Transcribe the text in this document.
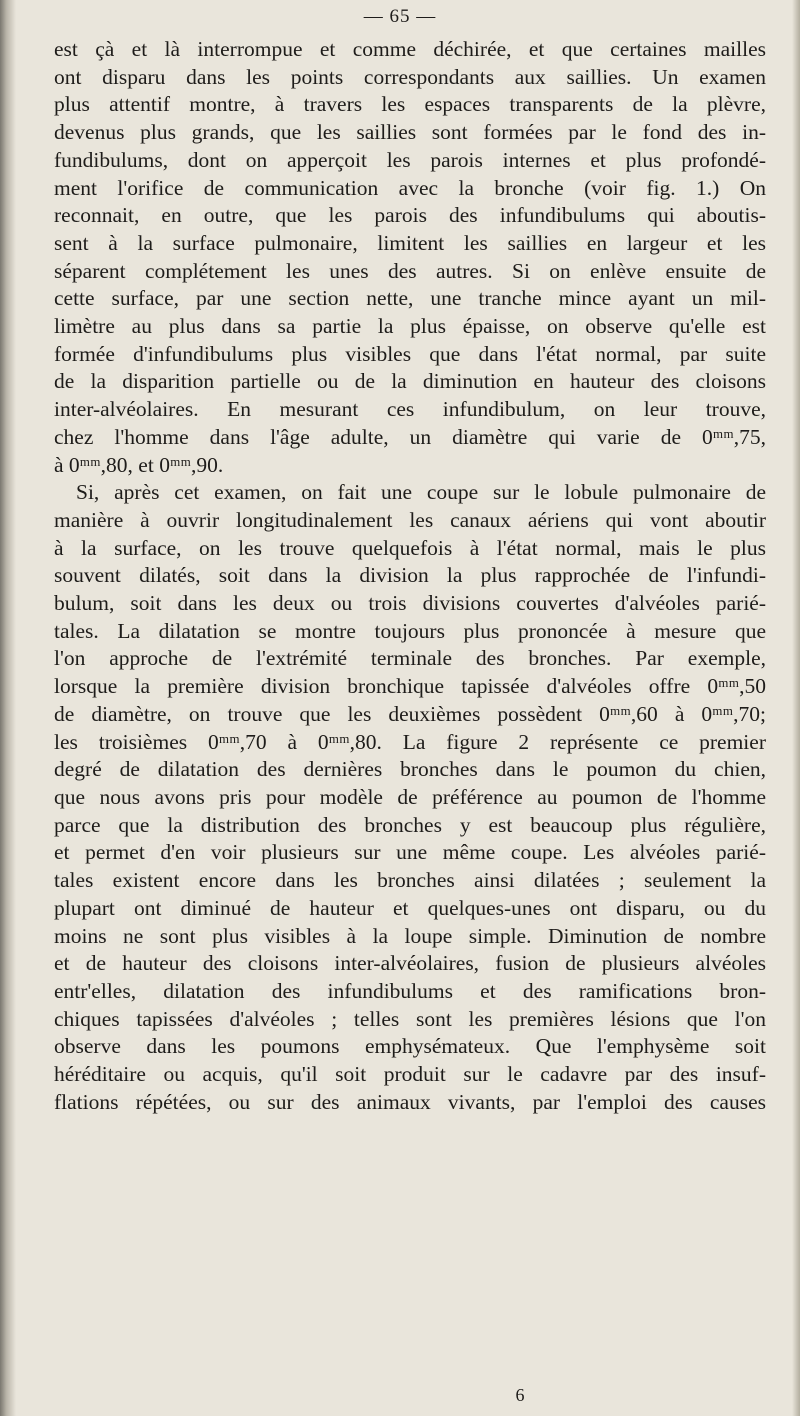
— 65 —
est çà et là interrompue et comme déchirée, et que certaines mailles
ont disparu dans les points correspondants aux saillies. Un examen
plus attentif montre, à travers les espaces transparents de la plèvre,
devenus plus grands, que les saillies sont formées par le fond des in-
fundibulums, dont on apperçoit les parois internes et plus profondé-
ment l'orifice de communication avec la bronche (voir fig. 1.) On
reconnait, en outre, que les parois des infundibulums qui aboutis-
sent à la surface pulmonaire, limitent les saillies en largeur et les
séparent complétement les unes des autres. Si on enlève ensuite de
cette surface, par une section nette, une tranche mince ayant un mil-
limètre au plus dans sa partie la plus épaisse, on observe qu'elle est
formée d'infundibulums plus visibles que dans l'état normal, par suite
de la disparition partielle ou de la diminution en hauteur des cloisons
inter-alvéolaires. En mesurant ces infundibulum, on leur trouve,
chez l'homme dans l'âge adulte, un diamètre qui varie de 0ᵐᵐ,75,
à 0ᵐᵐ,80, et 0ᵐᵐ,90.
Si, après cet examen, on fait une coupe sur le lobule pulmonaire de
manière à ouvrir longitudinalement les canaux aériens qui vont aboutir
à la surface, on les trouve quelquefois à l'état normal, mais le plus
souvent dilatés, soit dans la division la plus rapprochée de l'infundi-
bulum, soit dans les deux ou trois divisions couvertes d'alvéoles parié-
tales. La dilatation se montre toujours plus prononcée à mesure que
l'on approche de l'extrémité terminale des bronches. Par exemple,
lorsque la première division bronchique tapissée d'alvéoles offre 0ᵐᵐ,50
de diamètre, on trouve que les deuxièmes possèdent 0ᵐᵐ,60 à 0ᵐᵐ,70;
les troisièmes 0ᵐᵐ,70 à 0ᵐᵐ,80. La figure 2 représente ce premier
degré de dilatation des dernières bronches dans le poumon du chien,
que nous avons pris pour modèle de préférence au poumon de l'homme
parce que la distribution des bronches y est beaucoup plus régulière,
et permet d'en voir plusieurs sur une même coupe. Les alvéoles parié-
tales existent encore dans les bronches ainsi dilatées ; seulement la
plupart ont diminué de hauteur et quelques-unes ont disparu, ou du
moins ne sont plus visibles à la loupe simple. Diminution de nombre
et de hauteur des cloisons inter-alvéolaires, fusion de plusieurs alvéoles
entr'elles, dilatation des infundibulums et des ramifications bron-
chiques tapissées d'alvéoles ; telles sont les premières lésions que l'on
observe dans les poumons emphysémateux. Que l'emphysème soit
héréditaire ou acquis, qu'il soit produit sur le cadavre par des insuf-
flations répétées, ou sur des animaux vivants, par l'emploi des causes
6
